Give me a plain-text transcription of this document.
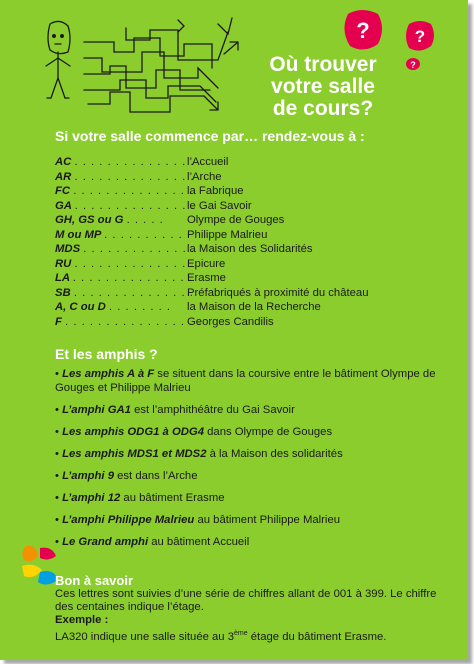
?	?
?
Où trouver
votre salle
de cours?
Si votre salle commence par… rendez-vous à :
AC . . . . . . . . . . . . . . .
l’Accueil
AR . . . . . . . . . . . . . . .
l’Arche
FC . . . . . . . . . . . . . . .
la Fabrique
GA . . . . . . . . . . . . . . .
le Gai Savoir
GH, GS ou G . . . . .	Olympe de Gouges
M ou MP . . . . . . . . . . Philippe Malrieu
MDS . . . . . . . . . . . . . .
la Maison des Solidarités
RU . . . . . . . . . . . . . . .
Epicure
LA . . . . . . . . . . . . . . .
Erasme
SB . . . . . . . . . . . . . . .
Préfabriqués à proximité du château
A, C ou D . . . . . . . .	la Maison de la Recherche
F . . . . . . . . . . . . . . . . .
Georges Candilis
Et les amphis ?
• Les amphis A à F se situent dans la coursive entre le bâtiment Olympe de Gouges et Philippe Malrieu
• L’amphi GA1 est l’amphithéâtre du Gai Savoir
• Les amphis ODG1 à ODG4 dans Olympe de Gouges
• Les amphis MDS1 et MDS2 à la Maison des solidarités
• L’amphi 9 est dans l’Arche
• L’amphi 12 au bâtiment Erasme
• L’amphi Philippe Malrieu au bâtiment Philippe Malrieu
• Le Grand amphi au bâtiment Accueil
Bon à savoir
Ces lettres sont suivies d’une série de chiffres allant de 001 à 399. Le chiffre des centaines indique l’étage.
Exemple :
LA320 indique une salle située au 3ème étage du bâtiment Erasme.
